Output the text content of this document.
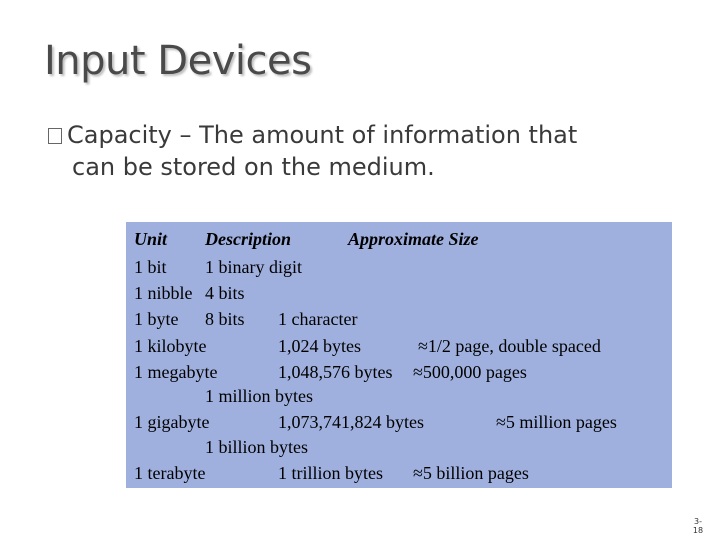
Input Devices
Capacity – The amount of information that
can be stored on the medium.
Unit Description	Approximate Size
1 bit 1 binary digit
1 nibble 4 bits
1 byte 8 bits 1 character
1 kilobyte	1,024 bytes	≈1/2 page, double spaced
1 megabyte	1,048,576 bytes ≈500,000 pages
1 million bytes
1 gigabyte	1,073,741,824 bytes	≈5 million pages
1 billion bytes
1 terabyte	1 trillion bytes ≈5 billion pages
3-
18
